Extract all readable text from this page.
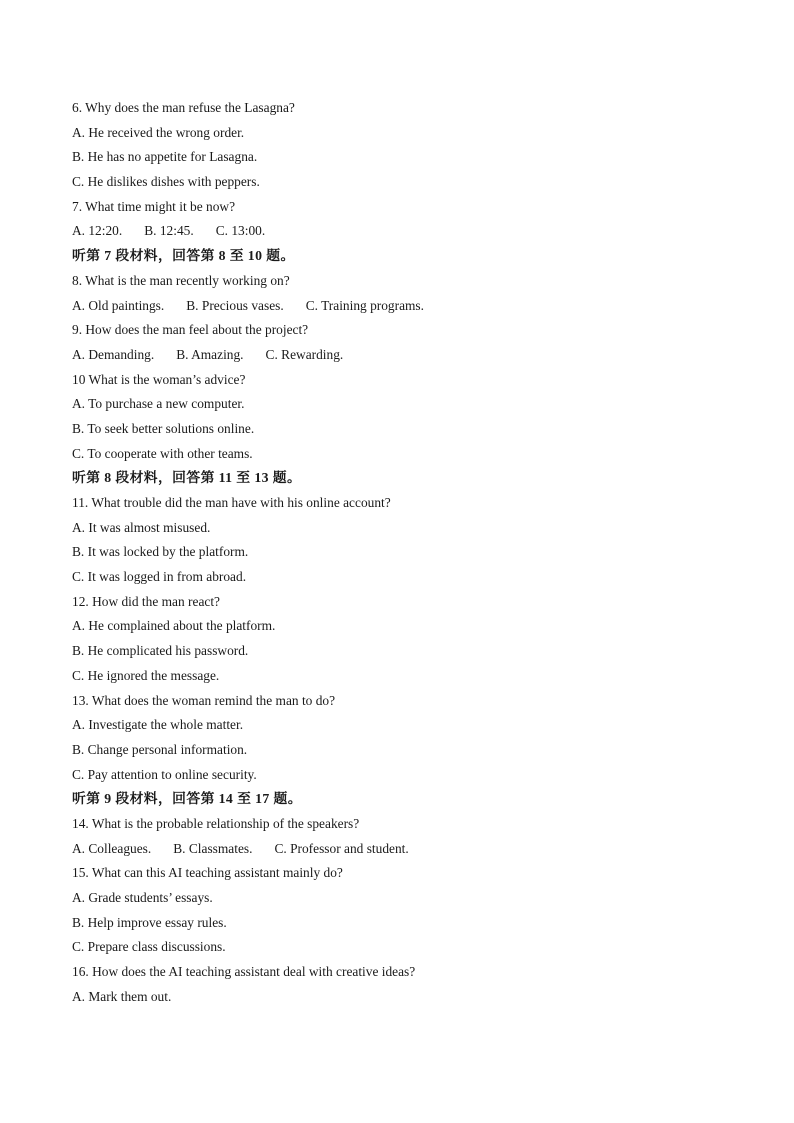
6. Why does the man refuse the Lasagna?
A. He received the wrong order.
B. He has no appetite for Lasagna.
C. He dislikes dishes with peppers.
7. What time might it be now?
A. 12:20. B. 12:45. C. 13:00.
听第 7 段材料，回答第 8 至 10 题。
8. What is the man recently working on?
A. Old paintings. B. Precious vases. C. Training programs.
9. How does the man feel about the project?
A. Demanding. B. Amazing. C. Rewarding.
10 What is the woman’s advice?
A. To purchase a new computer.
B. To seek better solutions online.
C. To cooperate with other teams.
听第 8 段材料，回答第 11 至 13 题。
11. What trouble did the man have with his online account?
A. It was almost misused.
B. It was locked by the platform.
C. It was logged in from abroad.
12. How did the man react?
A. He complained about the platform.
B. He complicated his password.
C. He ignored the message.
13. What does the woman remind the man to do?
A. Investigate the whole matter.
B. Change personal information.
C. Pay attention to online security.
听第 9 段材料，回答第 14 至 17 题。
14. What is the probable relationship of the speakers?
A. Colleagues. B. Classmates. C. Professor and student.
15. What can this AI teaching assistant mainly do?
A. Grade students’ essays.
B. Help improve essay rules.
C. Prepare class discussions.
16. How does the AI teaching assistant deal with creative ideas?
A. Mark them out.
